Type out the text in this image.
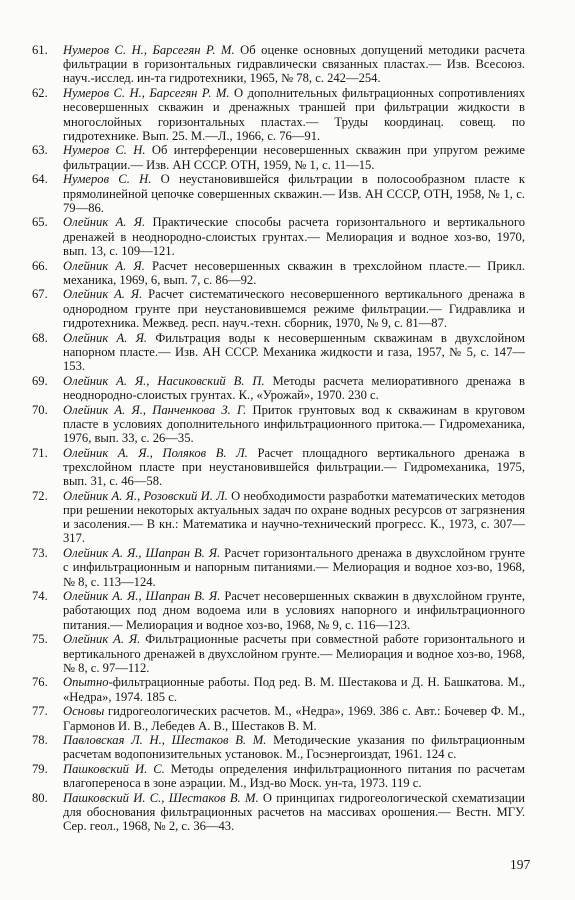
61.	Нумеров С. Н., Барсегян Р. М. Об оценке основных допущений методики расчета фильтрации в горизонтальных гидравлически связанных пластах.— Изв. Всесоюз. науч.-исслед. ин-та гидротехники, 1965, № 78, с. 242—254.
62.	Нумеров С. Н., Барсегян Р. М. О дополнительных фильтрационных сопротивлениях несовершенных скважин и дренажных траншей при фильтрации жидкости в многослойных горизонтальных пластах.— Труды координац. совещ. по гидротехнике. Вып. 25. М.—Л., 1966, с. 76—91.
63.	Нумеров С. Н. Об интерференции несовершенных скважин при упругом режиме фильтрации.— Изв. АН СССР. ОТН, 1959, № 1, с. 11—15.
64.	Нумеров С. Н. О неустановившейся фильтрации в полосообразном пласте к прямолинейной цепочке совершенных скважин.— Изв. АН СССР, ОТН, 1958, № 1, с. 79—86.
65.	Олейник А. Я. Практические способы расчета горизонтального и вертикального дренажей в неоднородно-слоистых грунтах.— Мелиорация и водное хоз-во, 1970, вып. 13, с. 109—121.
66.	Олейник А. Я. Расчет несовершенных скважин в трехслойном пласте.— Прикл. механика, 1969, 6, вып. 7, с. 86—92.
67.	Олейник А. Я. Расчет систематического несовершенного вертикального дренажа в однородном грунте при неустановившемся режиме фильтрации.— Гидравлика и гидротехника. Межвед. респ. науч.-техн. сборник, 1970, № 9, с. 81—87.
68.	Олейник А. Я. Фильтрация воды к несовершенным скважинам в двухслойном напорном пласте.— Изв. АН СССР. Механика жидкости и газа, 1957, № 5, с. 147—153.
69.	Олейник А. Я., Насиковский В. П. Методы расчета мелиоративного дренажа в неоднородно-слоистых грунтах. К., «Урожай», 1970. 230 с.
70.	Олейник А. Я., Панченкова З. Г. Приток грунтовых вод к скважинам в круговом пласте в условиях дополнительного инфильтрационного притока.— Гидромеханика, 1976, вып. 33, с. 26—35.
71.	Олейник А. Я., Поляков В. Л. Расчет площадного вертикального дренажа в трехслойном пласте при неустановившейся фильтрации.— Гидромеханика, 1975, вып. 31, с. 46—58.
72.	Олейник А. Я., Розовский И. Л. О необходимости разработки математических методов при решении некоторых актуальных задач по охране водных ресурсов от загрязнения и засоления.— В кн.: Математика и научно-технический прогресс. К., 1973, с. 307—317.
73.	Олейник А. Я., Шапран В. Я. Расчет горизонтального дренажа в двухслойном грунте с инфильтрационным и напорным питаниями.— Мелиорация и водное хоз-во, 1968, № 8, с. 113—124.
74.	Олейник А. Я., Шапран В. Я. Расчет несовершенных скважин в двухслойном грунте, работающих под дном водоема или в условиях напорного и инфильтрационного питания.— Мелиорация и водное хоз-во, 1968, № 9, с. 116—123.
75.	Олейник А. Я. Фильтрационные расчеты при совместной работе горизонтального и вертикального дренажей в двухслойном грунте.— Мелиорация и водное хоз-во, 1968, № 8, с. 97—112.
76.	Опытно-фильтрационные работы. Под ред. В. М. Шестакова и Д. Н. Башкатова. М., «Недра», 1974. 185 с.
77.	Основы гидрогеологических расчетов. М., «Недра», 1969. 386 с. Авт.: Бочевер Ф. М., Гармонов И. В., Лебедев А. В., Шестаков В. М.
78.	Павловская Л. Н., Шестаков В. М. Методические указания по фильтрационным расчетам водопонизительных установок. М., Госэнергоиздат, 1961. 124 с.
79.	Пашковский И. С. Методы определения инфильтрационного питания по расчетам влагопереноса в зоне аэрации. М., Изд-во Моск. ун-та, 1973. 119 с.
80.	Пашковский И. С., Шестаков В. М. О принципах гидрогеологической схематизации для обоснования фильтрационных расчетов на массивах орошения.— Вестн. МГУ. Сер. геол., 1968, № 2, с. 36—43.
197
